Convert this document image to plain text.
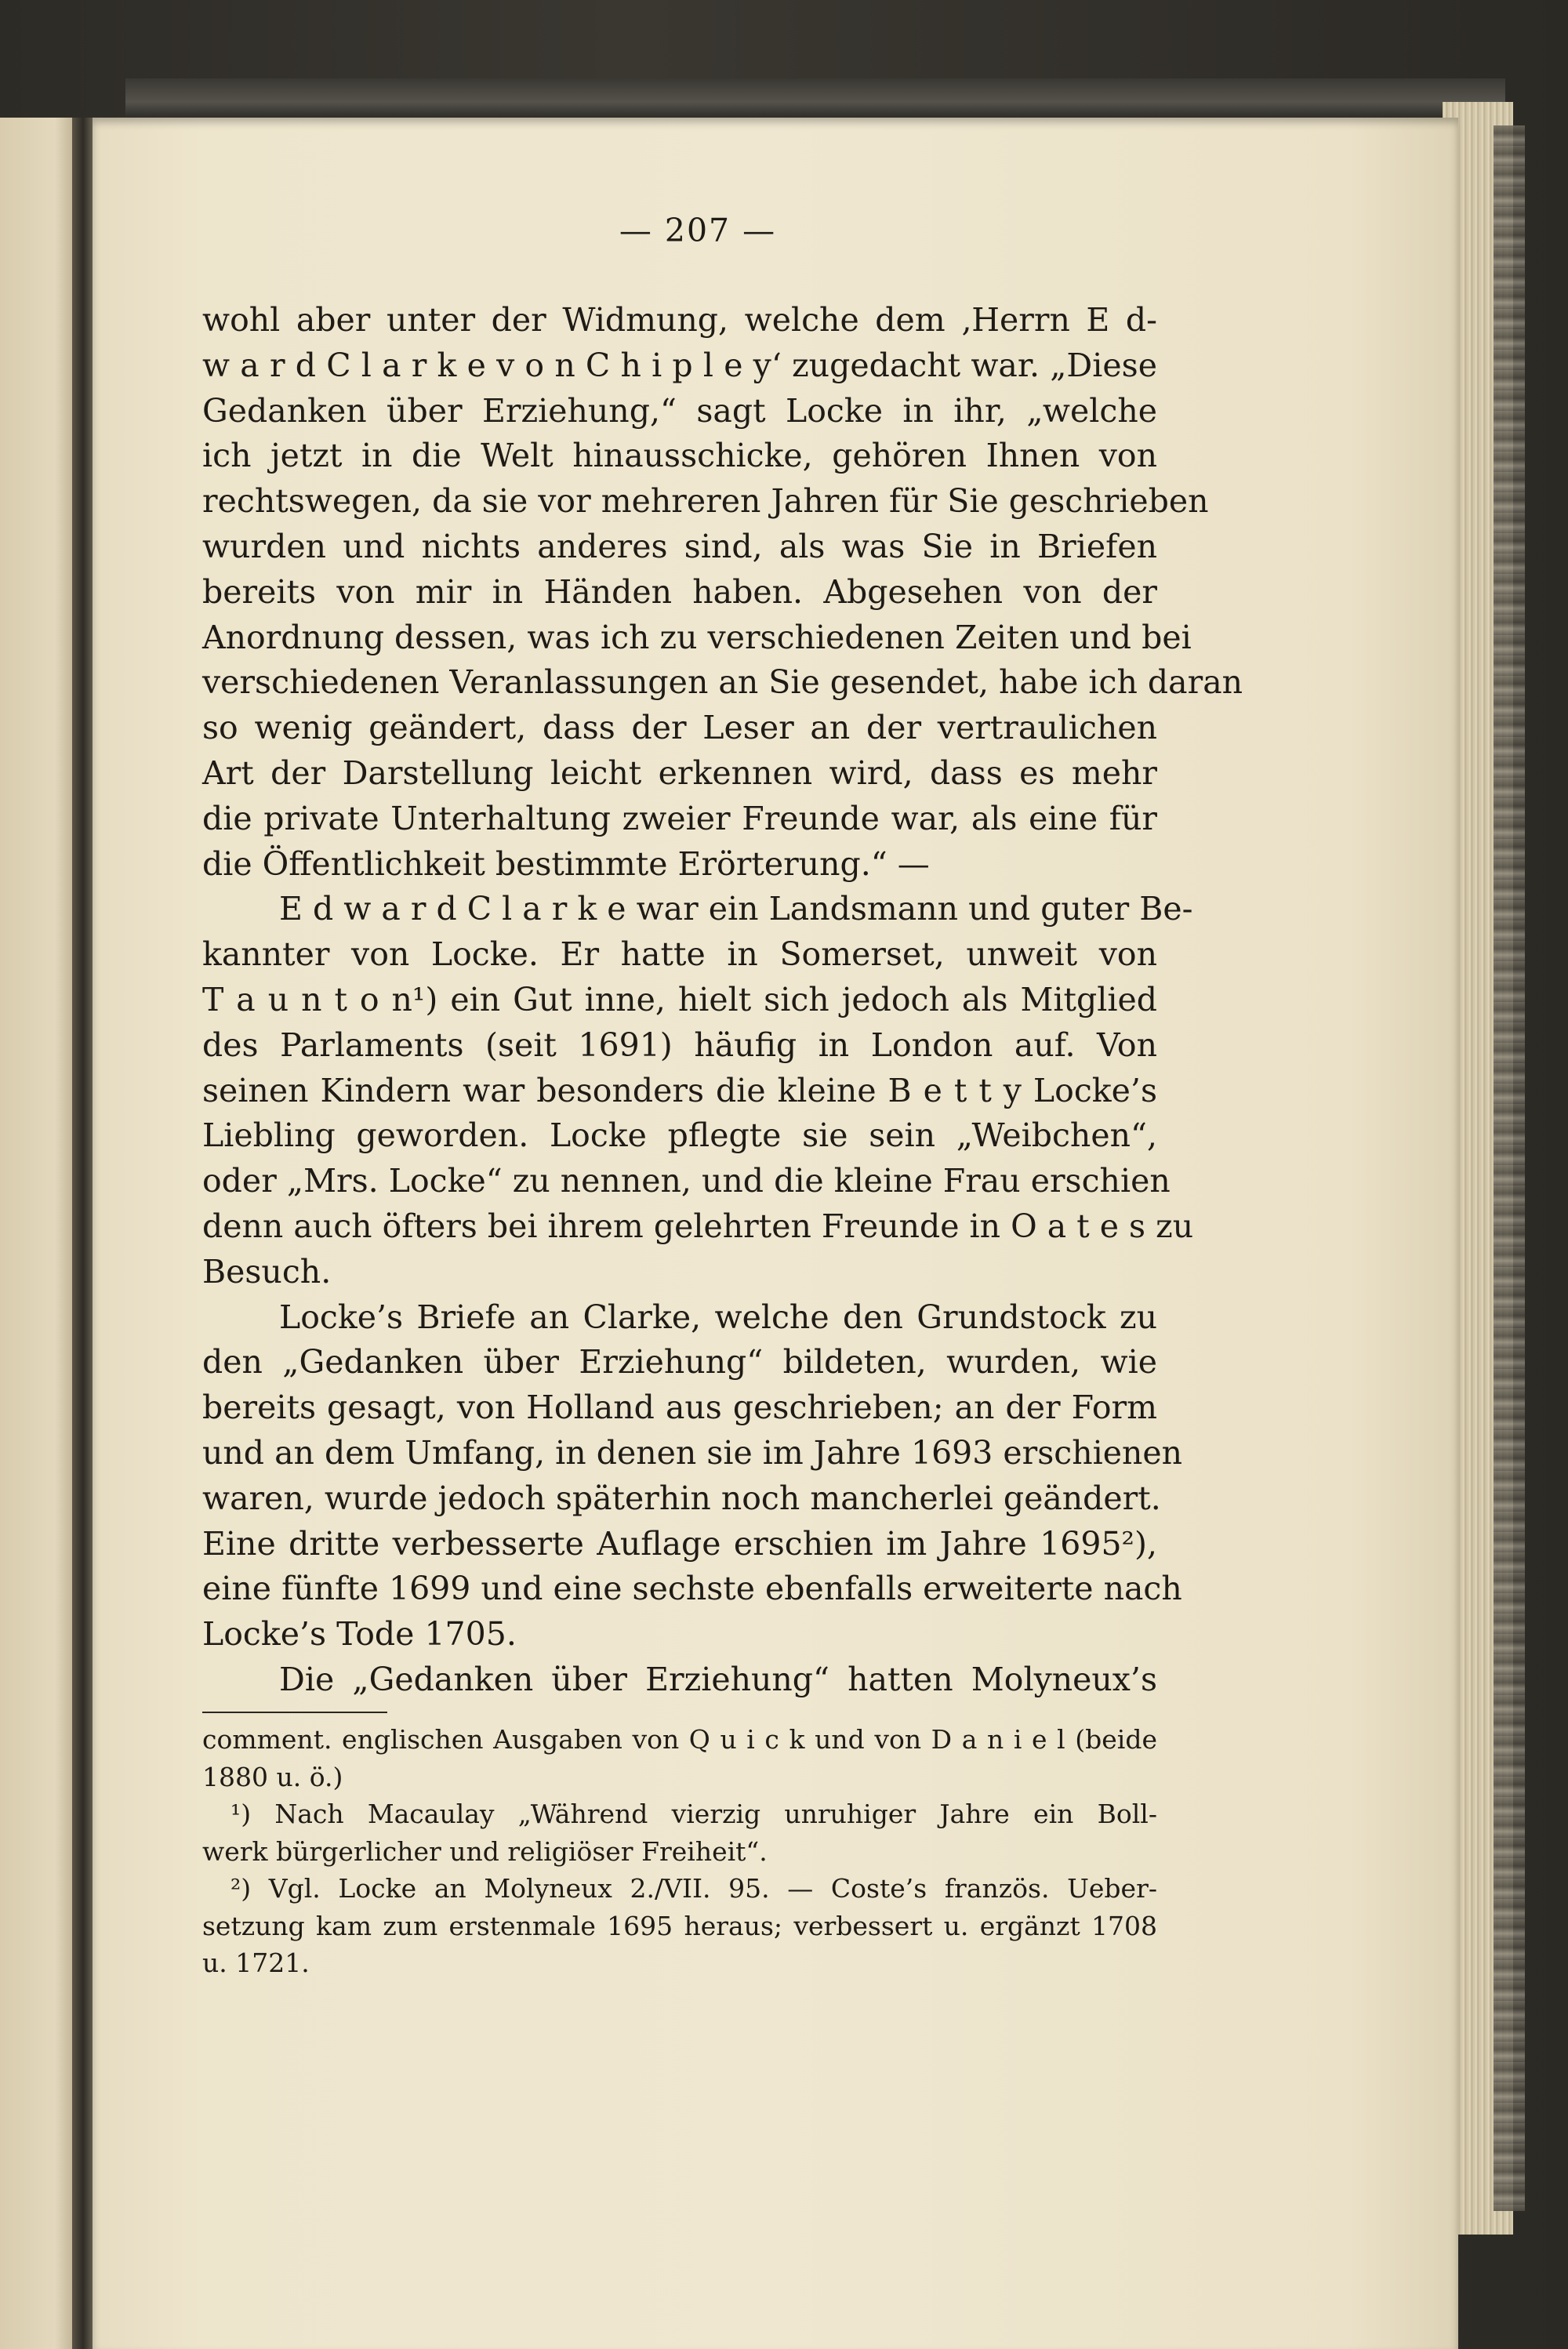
— 207 —
wohl aber unter der Widmung, welche dem ‚Herrn E d-
w a r d C l a r k e v o n C h i p l e y‘ zugedacht war. „Diese
Gedanken über Erziehung,“ sagt Locke in ihr, „welche
ich jetzt in die Welt hinausschicke, gehören Ihnen von
rechtswegen, da sie vor mehreren Jahren für Sie geschrieben
wurden und nichts anderes sind, als was Sie in Briefen
bereits von mir in Händen haben. Abgesehen von der
Anordnung dessen, was ich zu verschiedenen Zeiten und bei
verschiedenen Veranlassungen an Sie gesendet, habe ich daran
so wenig geändert, dass der Leser an der vertraulichen
Art der Darstellung leicht erkennen wird, dass es mehr
die private Unterhaltung zweier Freunde war, als eine für
die Öffentlichkeit bestimmte Erörterung.“ —
E d w a r d C l a r k e war ein Landsmann und guter Be-
kannter von Locke. Er hatte in Somerset, unweit von
T a u n t o n¹) ein Gut inne, hielt sich jedoch als Mitglied
des Parlaments (seit 1691) häufig in London auf. Von
seinen Kindern war besonders die kleine B e t t y Locke’s
Liebling geworden. Locke pflegte sie sein „Weibchen“,
oder „Mrs. Locke“ zu nennen, und die kleine Frau erschien
denn auch öfters bei ihrem gelehrten Freunde in O a t e s zu
Besuch.
Locke’s Briefe an Clarke, welche den Grundstock zu
den „Gedanken über Erziehung“ bildeten, wurden, wie
bereits gesagt, von Holland aus geschrieben; an der Form
und an dem Umfang, in denen sie im Jahre 1693 erschienen
waren, wurde jedoch späterhin noch mancherlei geändert.
Eine dritte verbesserte Auflage erschien im Jahre 1695²),
eine fünfte 1699 und eine sechste ebenfalls erweiterte nach
Locke’s Tode 1705.
Die „Gedanken über Erziehung“ hatten Molyneux’s
comment. englischen Ausgaben von Q u i c k und von D a n i e l (beide
1880 u. ö.)
¹) Nach Macaulay „Während vierzig unruhiger Jahre ein Boll-
werk bürgerlicher und religiöser Freiheit“.
²) Vgl. Locke an Molyneux 2./VII. 95. — Coste’s französ. Ueber-
setzung kam zum erstenmale 1695 heraus; verbessert u. ergänzt 1708
u. 1721.
